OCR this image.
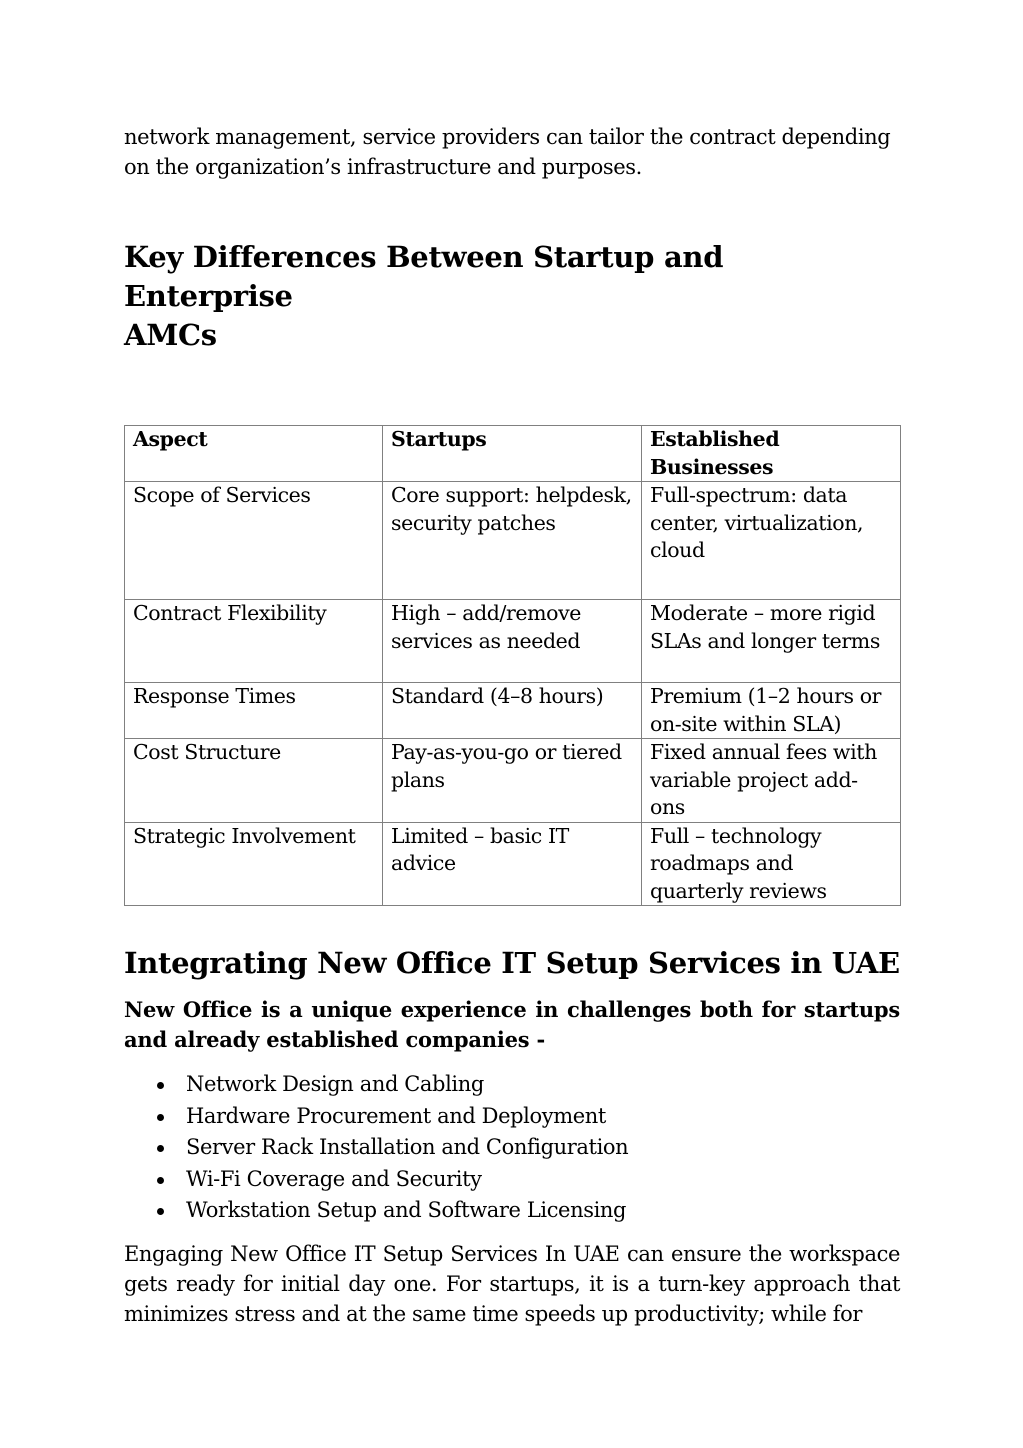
network management, service providers can tailor the contract depending
on the organization’s infrastructure and purposes.

Key Differences Between Startup and Enterprise
AMCs
Aspect	Startups	Established Businesses
Scope of Services	Core support: helpdesk, security patches	Full-spectrum: data center, virtualization, cloud
Contract Flexibility	High – add/remove services as needed	Moderate – more rigid SLAs and longer terms
Response Times	Standard (4–8 hours)	Premium (1–2 hours or on-site within SLA)
Cost Structure	Pay-as-you-go or tiered plans	Fixed annual fees with variable project add-ons
Strategic Involvement	Limited – basic IT advice	Full – technology roadmaps and quarterly reviews
Integrating New Office IT Setup Services in UAE

New Office is a unique experience in challenges both for startups and already established companies -

Network Design and Cabling
Hardware Procurement and Deployment
Server Rack Installation and Configuration
Wi-Fi Coverage and Security
Workstation Setup and Software Licensing

Engaging New Office IT Setup Services In UAE can ensure the workspace gets ready for initial day one. For startups, it is a turn-key approach that minimizes stress and at the same time speeds up productivity; while for
